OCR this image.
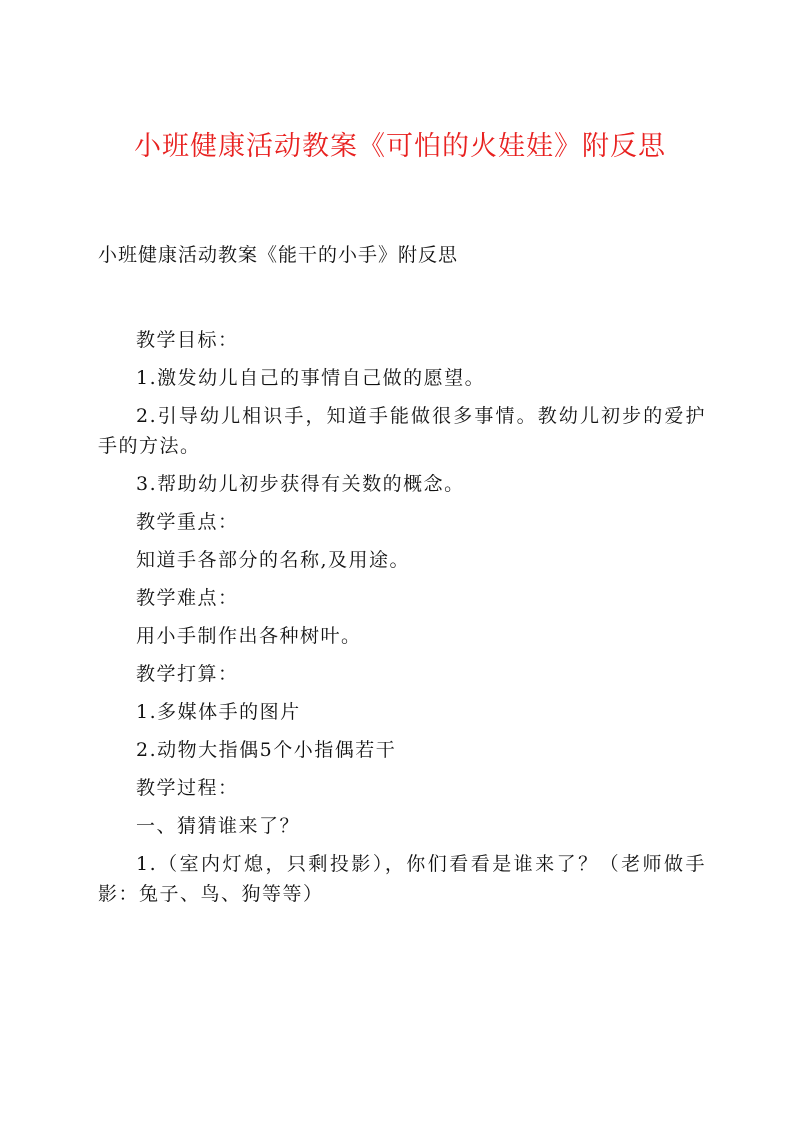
小班健康活动教案《可怕的火娃娃》附反思

小班健康活动教案《能干的小手》附反思

教学目标：

1.激发幼儿自己的事情自己做的愿望。

2.引导幼儿相识手，知道手能做很多事情。教幼儿初步的爱护手的方法。

3.帮助幼儿初步获得有关数的概念。

教学重点：

知道手各部分的名称,及用途。

教学难点：

用小手制作出各种树叶。

教学打算：

1.多媒体手的图片

2.动物大指偶5个小指偶若干

教学过程：

一、猜猜谁来了？

1.（室内灯熄，只剩投影），你们看看是谁来了？（老师做手影：兔子、鸟、狗等等）
